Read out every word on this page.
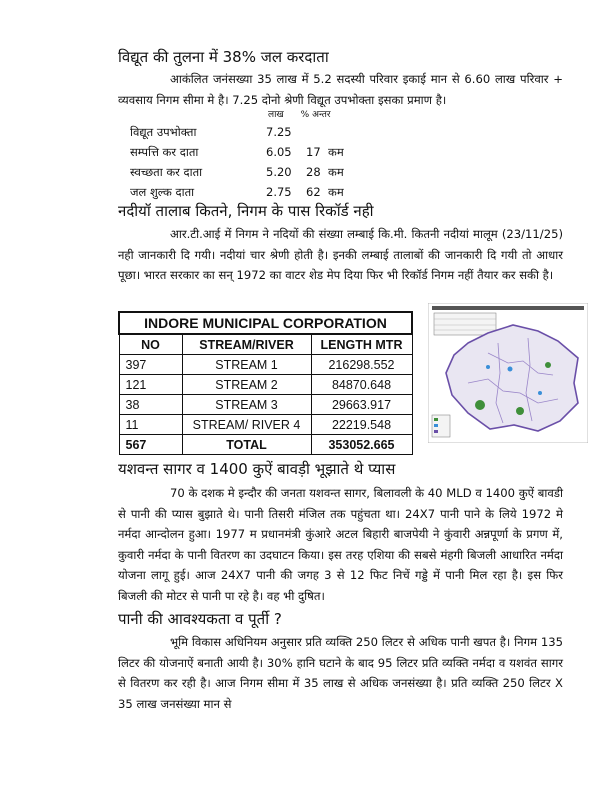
विद्यूत की तुलना में 38% जल करदाता
आकंलित जनंसख्या 35 लाख में 5.2 सदस्यी परिवार इकाई मान से 6.60 लाख परिवार + व्यवसाय निगम सीमा मे है। 7.25 दोनो श्रेणी विद्यूत उपभोक्ता इसका प्रमाण है।
लाख % अन्तर
विद्यूत उपभोक्ता	7.25
सम्पत्ति कर दाता	6.05	17 कम
स्वच्छता कर दाता	5.20	28 कम
जल शुल्क दाता	2.75	62 कम
नदीयॉ तालाब कितने, निगम के पास रिकॉर्ड नही
आर.टी.आई में निगम ने नदियों की संख्या लम्बाई कि.मी. कितनी नदीयां मालूम (23/11/25) नही जानकारी दि गयी। नदीयां चार श्रेणी होती है। इनकी लम्बाई तालाबों की जानकारी दि गयी तो आधार पूछा। भारत सरकार का सन् 1972 का वाटर शेड मेप दिया फिर भी रिकॉर्ड निगम नहीं तैयार कर सकी है।
INDORE MUNICIPAL CORPORATION		
NO	STREAM/RIVER	LENGTH MTR
397	STREAM 1	216298.552
121	STREAM 2	84870.648
38	STREAM 3	29663.917
11	STREAM/ RIVER 4	22219.548
567	TOTAL	353052.665
यशवन्त सागर व 1400 कुऐं बावड़ी भूझाते थे प्यास
70 के दशक मे इन्दौर की जनता यशवन्त सागर, बिलावली के 40 MLD व 1400 कुऐं बावडी से पानी की प्यास बुझाते थे। पानी तिसरी मंजिल तक पहुंचता था। 24X7 पानी पाने के लिये 1972 मे नर्मदा आन्दोलन हुआ। 1977 म प्रधानमंत्री कुंआरे अटल बिहारी बाजपेयी ने कुंवारी अन्नपूर्णा के प्रगण में, कुवारी नर्मदा के पानी वितरण का उदघाटन किया। इस तरह एशिया की सबसे मंहगी बिजली आधारित नर्मदा योजना लागू हुई। आज 24X7 पानी की जगह 3 से 12 फिट निचें गड्डे में पानी मिल रहा है। इस फिर बिजली की मोटर से पानी पा रहे है। वह भी दुषित।
पानी की आवश्यकता व पूर्ती ?
भूमि विकास अधिनियम अनुसार प्रति व्यक्ति 250 लिटर से अधिक पानी खपत है। निगम 135 लिटर की योजनाऐं बनाती आयी है। 30% हानि घटाने के बाद 95 लिटर प्रति व्यक्ति नर्मदा व यशवंत सागर से वितरण कर रही है। आज निगम सीमा में 35 लाख से अधिक जनसंख्या है। प्रति व्यक्ति 250 लिटर X 35 लाख जनसंख्या मान से
